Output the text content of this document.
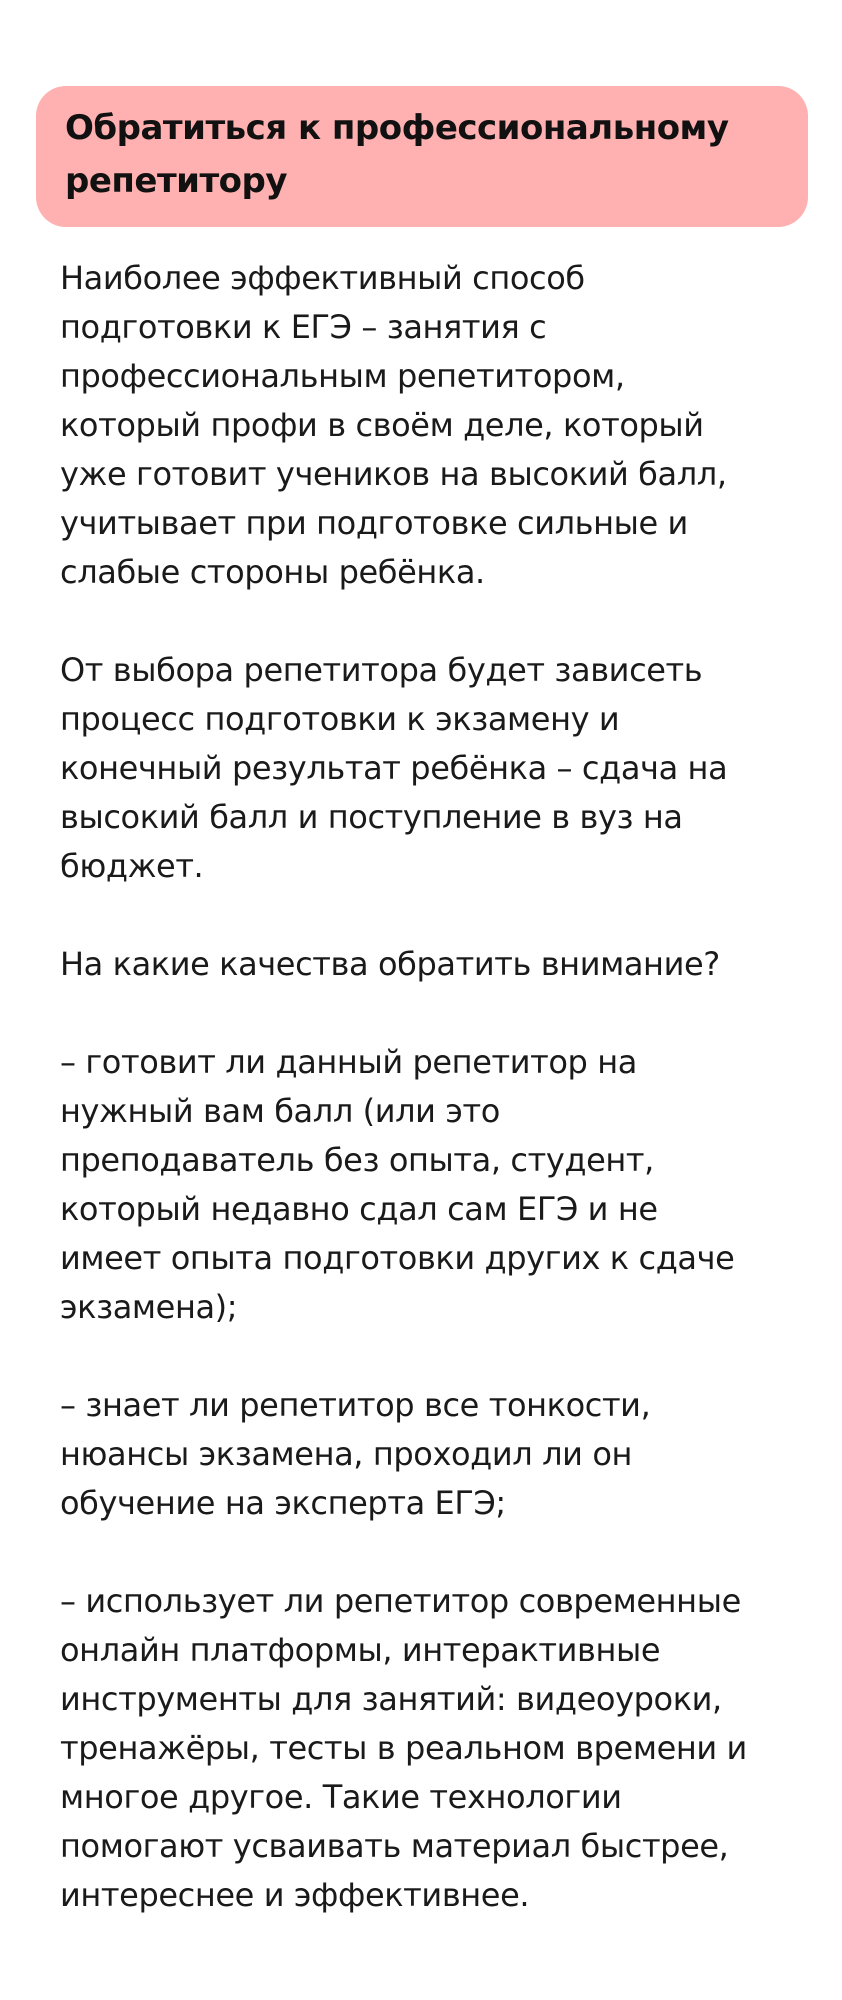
Обратиться к профессиональному
репетитору

Наиболее эффективный способ
подготовки к ЕГЭ – занятия с
профессиональным репетитором,
который профи в своём деле, который
уже готовит учеников на высокий балл,
учитывает при подготовке сильные и
слабые стороны ребёнка.

От выбора репетитора будет зависеть
процесс подготовки к экзамену и
конечный результат ребёнка – сдача на
высокий балл и поступление в вуз на
бюджет.

На какие качества обратить внимание?

– готовит ли данный репетитор на
нужный вам балл (или это
преподаватель без опыта, студент,
который недавно сдал сам ЕГЭ и не
имеет опыта подготовки других к сдаче
экзамена);

– знает ли репетитор все тонкости,
нюансы экзамена, проходил ли он
обучение на эксперта ЕГЭ;

– использует ли репетитор современные
онлайн платформы, интерактивные
инструменты для занятий: видеоуроки,
тренажёры, тесты в реальном времени и
многое другое. Такие технологии
помогают усваивать материал быстрее,
интереснее и эффективнее.
